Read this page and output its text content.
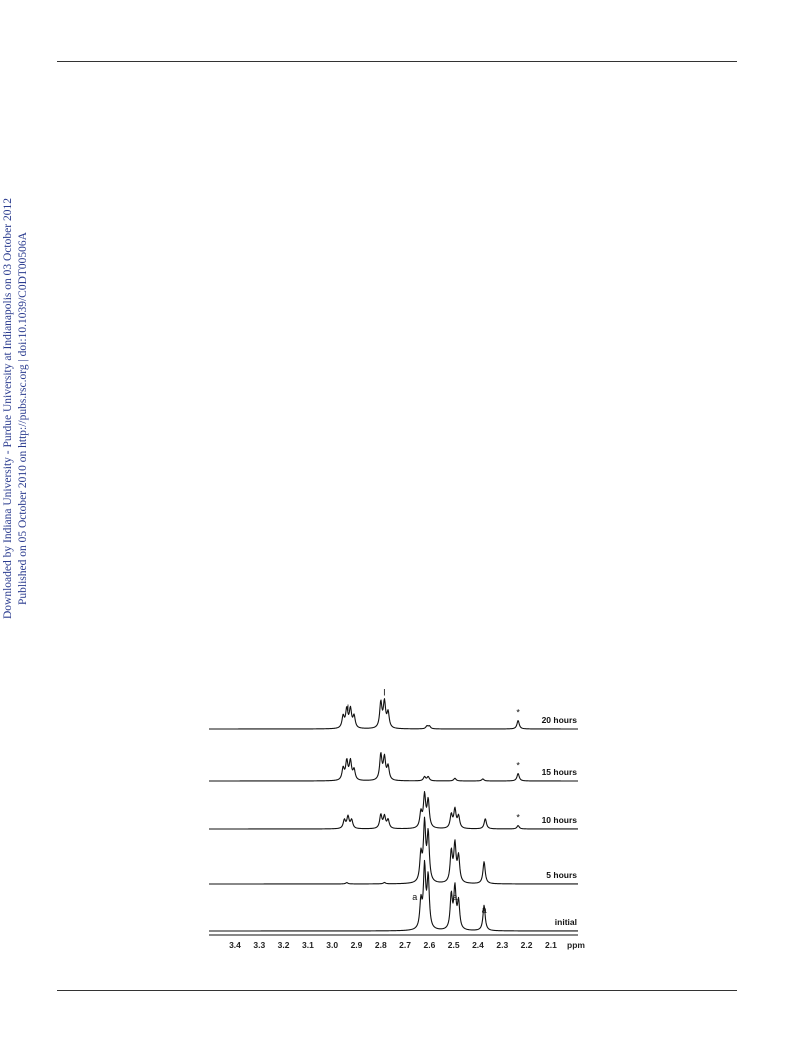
Downloaded by Indiana University - Purdue University at Indianapolis on 03 October 2012 Published on 05 October 2010 on http://pubs.rsc.org | doi:10.1039/C0DT00506A
20 hours
15 hours
10 hours
5 hours
initial
I
I
*
*
*
a	a
a
3.4 3.3 3.2 3.1 3.0 2.9 2.8 2.7 2.6 2.5 2.4 2.3 2.2 2.1 ppm
